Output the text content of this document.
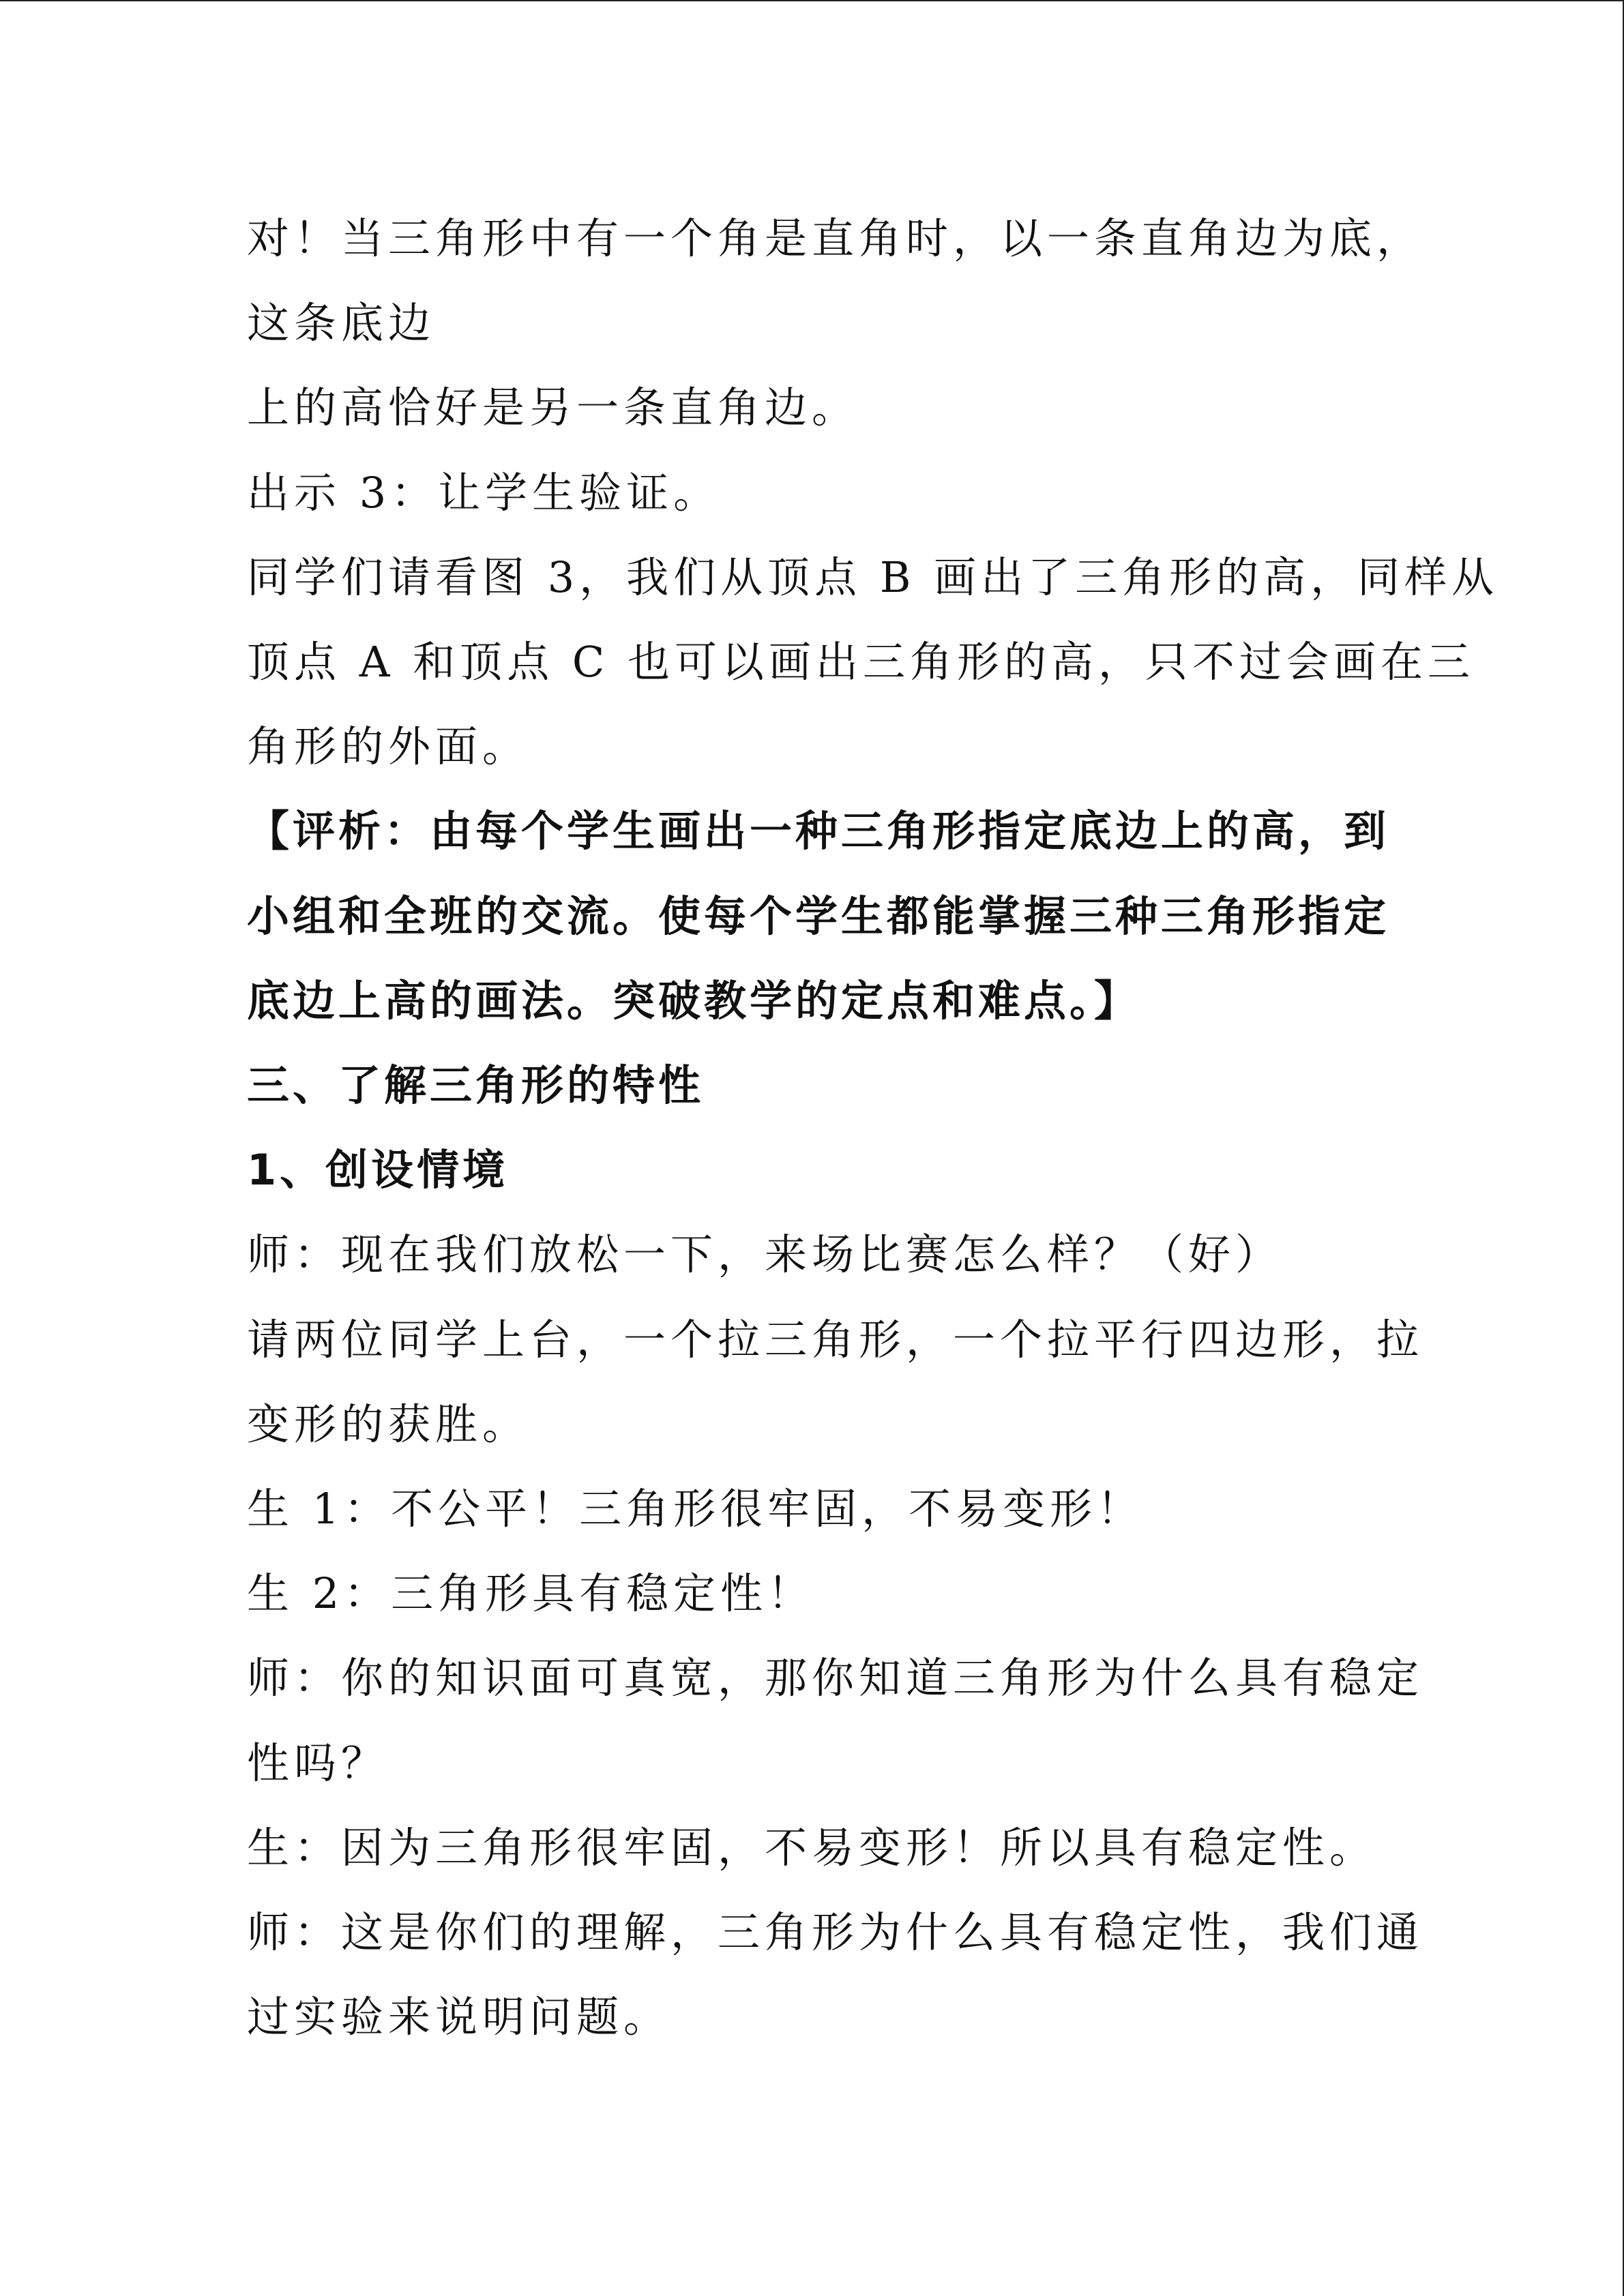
对！当三角形中有一个角是直角时，以一条直角边为底，
这条底边
上的高恰好是另一条直角边。
出示 3：让学生验证。
同学们请看图 3，我们从顶点 B 画出了三角形的高，同样从
顶点 A 和顶点 C 也可以画出三角形的高，只不过会画在三
角形的外面。
【评析：由每个学生画出一种三角形指定底边上的高，到
小组和全班的交流。使每个学生都能掌握三种三角形指定
底边上高的画法。突破教学的定点和难点。】
三、了解三角形的特性
1、创设情境
师：现在我们放松一下，来场比赛怎么样？（好）
请两位同学上台，一个拉三角形，一个拉平行四边形，拉
变形的获胜。
生 1：不公平！三角形很牢固，不易变形！
生 2：三角形具有稳定性！
师：你的知识面可真宽，那你知道三角形为什么具有稳定
性吗？
生：因为三角形很牢固，不易变形！所以具有稳定性。
师：这是你们的理解，三角形为什么具有稳定性，我们通
过实验来说明问题。
